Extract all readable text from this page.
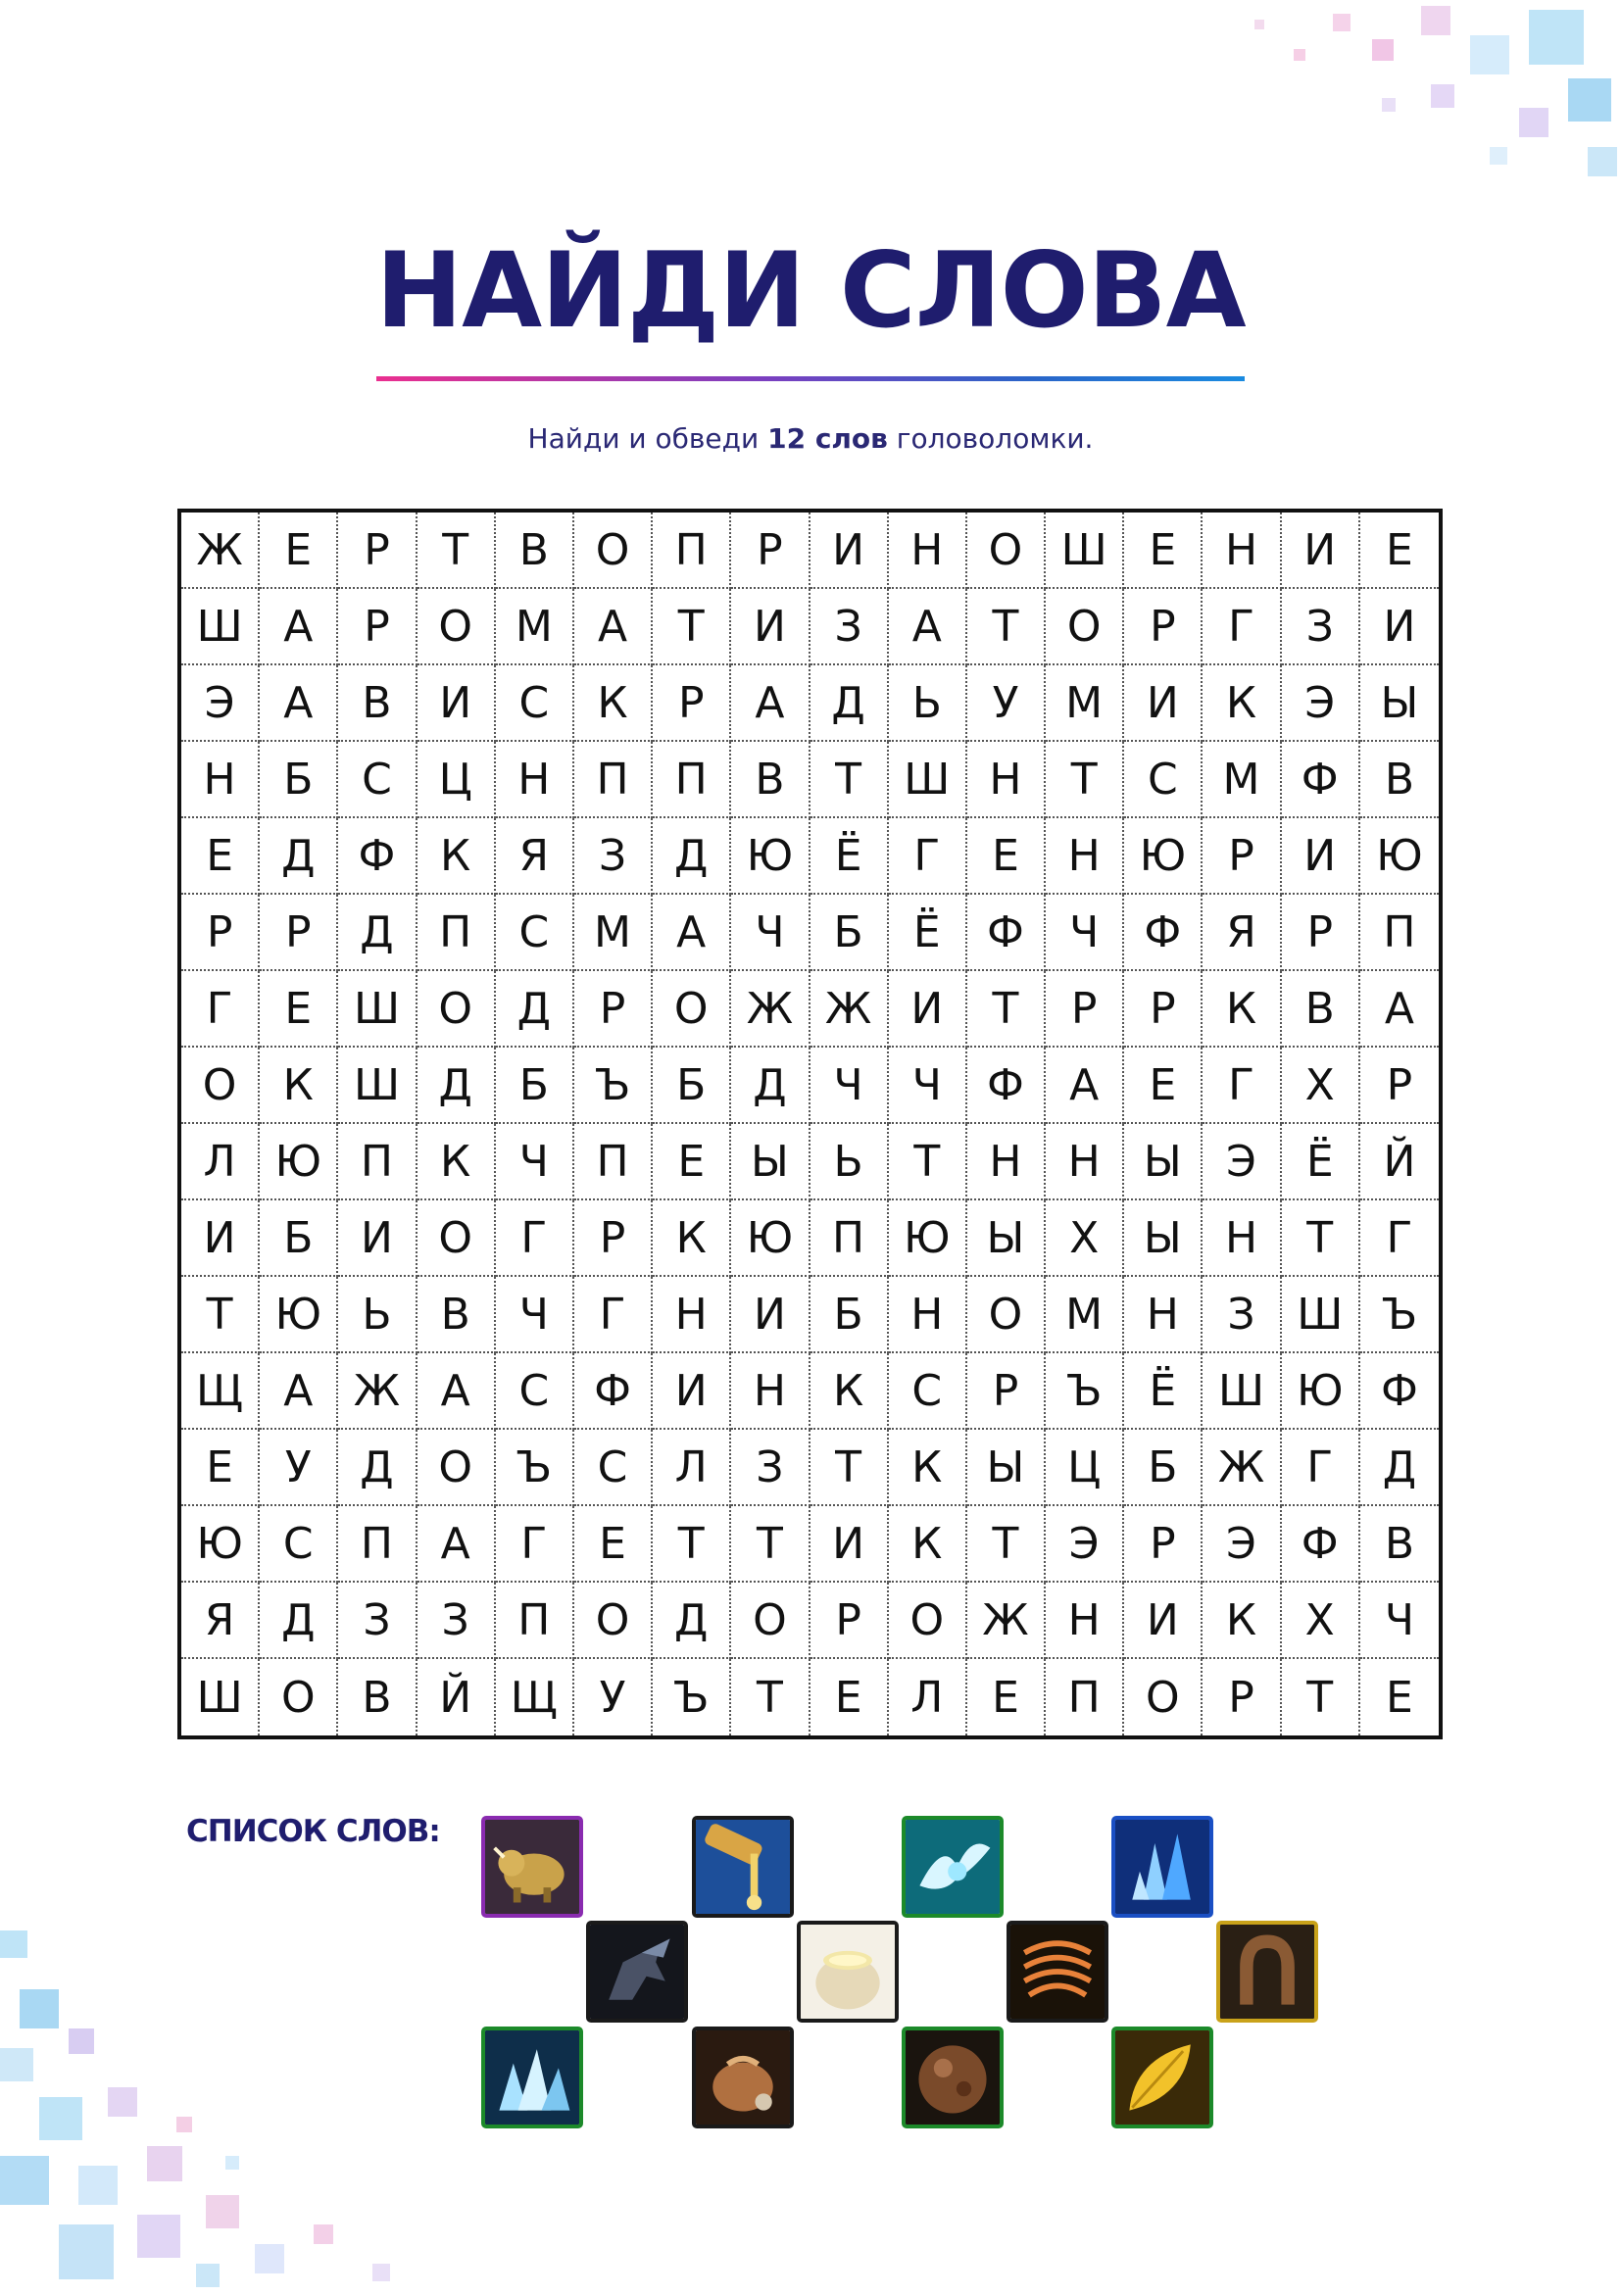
НАЙДИ СЛОВА
Найди и обведи 12 слов головоломки.
Ж Е	Р	Т	В	О	П	Р	И	Н	О Ш Е	Н	И	Е
Ш А	Р	О М	А	Т	И	З	А	Т	О	Р	Г	З	И
Э	А	В	И	С	К	Р	А	Д	Ь	У	М	И	К	Э	Ы
Н	Б	С	Ц	Н	П	П	В	Т Ш Н	Т	С	М Ф	В
Е	Д	Ф	К	Я	З	Д Ю Ё	Г	Е	Н Ю Р	И Ю
Р	Р	Д	П	С	М	А	Ч	Б	Ё	Ф	Ч	Ф	Я	Р	П
Г	Е Ш О	Д	Р	О Ж Ж И	Т	Р	Р	К	В	А
О	К Ш Д	Б	Ъ	Б	Д	Ч	Ч	Ф	А	Е	Г	Х	Р
Л Ю П	К	Ч	П	Е	Ы	Ь	Т	Н	Н	Ы	Э	Ё	Й
И	Б	И	О	Г	Р	К Ю П Ю Ы	Х	Ы	Н	Т	Г
Т Ю Ь	В	Ч	Г	Н	И	Б	Н	О М	Н	З Ш Ъ
Щ А Ж А	С	Ф	И	Н	К	С	Р	Ъ	Ё Ш Ю Ф
Е	У	Д	О	Ъ	С	Л	З	Т	К	Ы Ц	Б Ж Г	Д
Ю С	П	А	Г	Е	Т	Т	И	К	Т	Э	Р	Э	Ф	В
Я	Д	З	З	П	О	Д	О	Р	О Ж Н	И	К	Х	Ч
Ш О	В	Й Щ У	Ъ	Т	Е	Л	Е	П	О	Р	Т	Е
СПИСОК СЛОВ:
